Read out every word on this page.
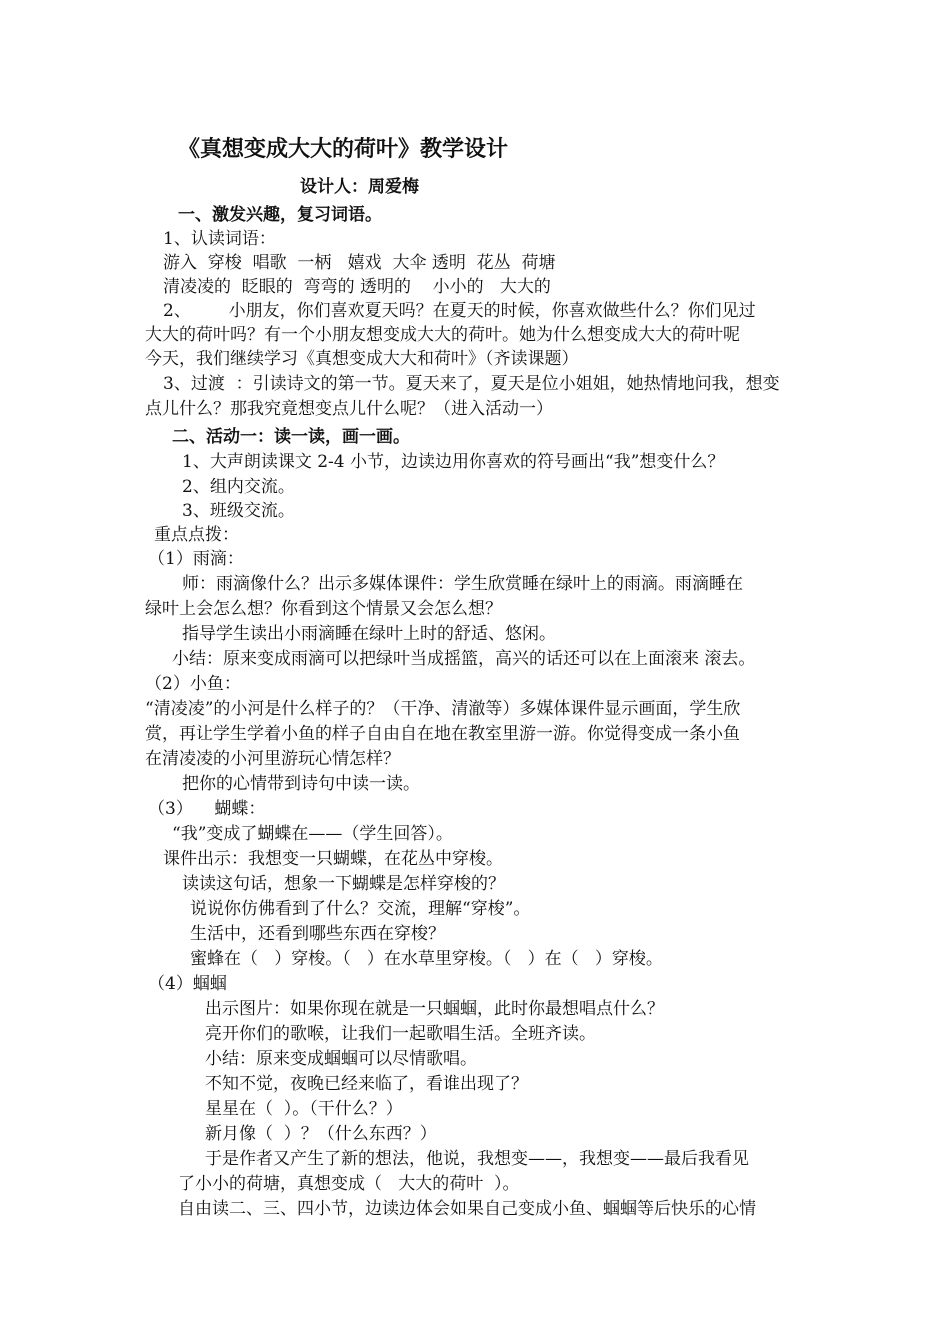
《真想变成大大的荷叶》教学设计
设计人：周爱梅
一、激发兴趣，复习词语。
1、认读词语：
游入  穿梭  唱歌  一柄   嬉戏  大伞 透明  花丛  荷塘
清凌凌的  眨眼的  弯弯的 透明的    小小的   大大的
2、       小朋友，你们喜欢夏天吗？在夏天的时候，你喜欢做些什么？你们见过
大大的荷叶吗？有一个小朋友想变成大大的荷叶。她为什么想变成大大的荷叶呢
今天，我们继续学习《真想变成大大和荷叶》（齐读课题）
3、过渡  ：引读诗文的第一节。夏天来了，夏天是位小姐姐，她热情地问我，想变
点儿什么？那我究竟想变点儿什么呢？（进入活动一）
二、活动一：读一读，画一画。
1、大声朗读课文 2-4 小节，边读边用你喜欢的符号画出“我”想变什么？
2、组内交流。
3、班级交流。
重点点拨：
（1）雨滴：
师：雨滴像什么？出示多媒体课件：学生欣赏睡在绿叶上的雨滴。雨滴睡在
绿叶上会怎么想？你看到这个情景又会怎么想？
指导学生读出小雨滴睡在绿叶上时的舒适、悠闲。
小结：原来变成雨滴可以把绿叶当成摇篮，高兴的话还可以在上面滚来 滚去。
（2）小鱼：
“清凌凌”的小河是什么样子的？（干净、清澈等）多媒体课件显示画面，学生欣
赏，再让学生学着小鱼的样子自由自在地在教室里游一游。你觉得变成一条小鱼
在清凌凌的小河里游玩心情怎样？
把你的心情带到诗句中读一读。
（3）    蝴蝶：
“我”变成了蝴蝶在——（学生回答）。
课件出示：我想变一只蝴蝶，在花丛中穿梭。
读读这句话，想象一下蝴蝶是怎样穿梭的？
说说你仿佛看到了什么？交流，理解“穿梭”。
生活中，还看到哪些东西在穿梭？
蜜蜂在（   ）穿梭。（   ）在水草里穿梭。（   ）在（   ）穿梭。
（4）蝈蝈
出示图片：如果你现在就是一只蝈蝈，此时你最想唱点什么？
亮开你们的歌喉，让我们一起歌唱生活。全班齐读。
小结：原来变成蝈蝈可以尽情歌唱。
不知不觉，夜晚已经来临了，看谁出现了？
星星在（  ）。（干什么？）
新月像（  ）？（什么东西？）
于是作者又产生了新的想法，他说，我想变——，我想变——最后我看见
了小小的荷塘，真想变成（   大大的荷叶  ）。
自由读二、三、四小节，边读边体会如果自己变成小鱼、蝈蝈等后快乐的心情
